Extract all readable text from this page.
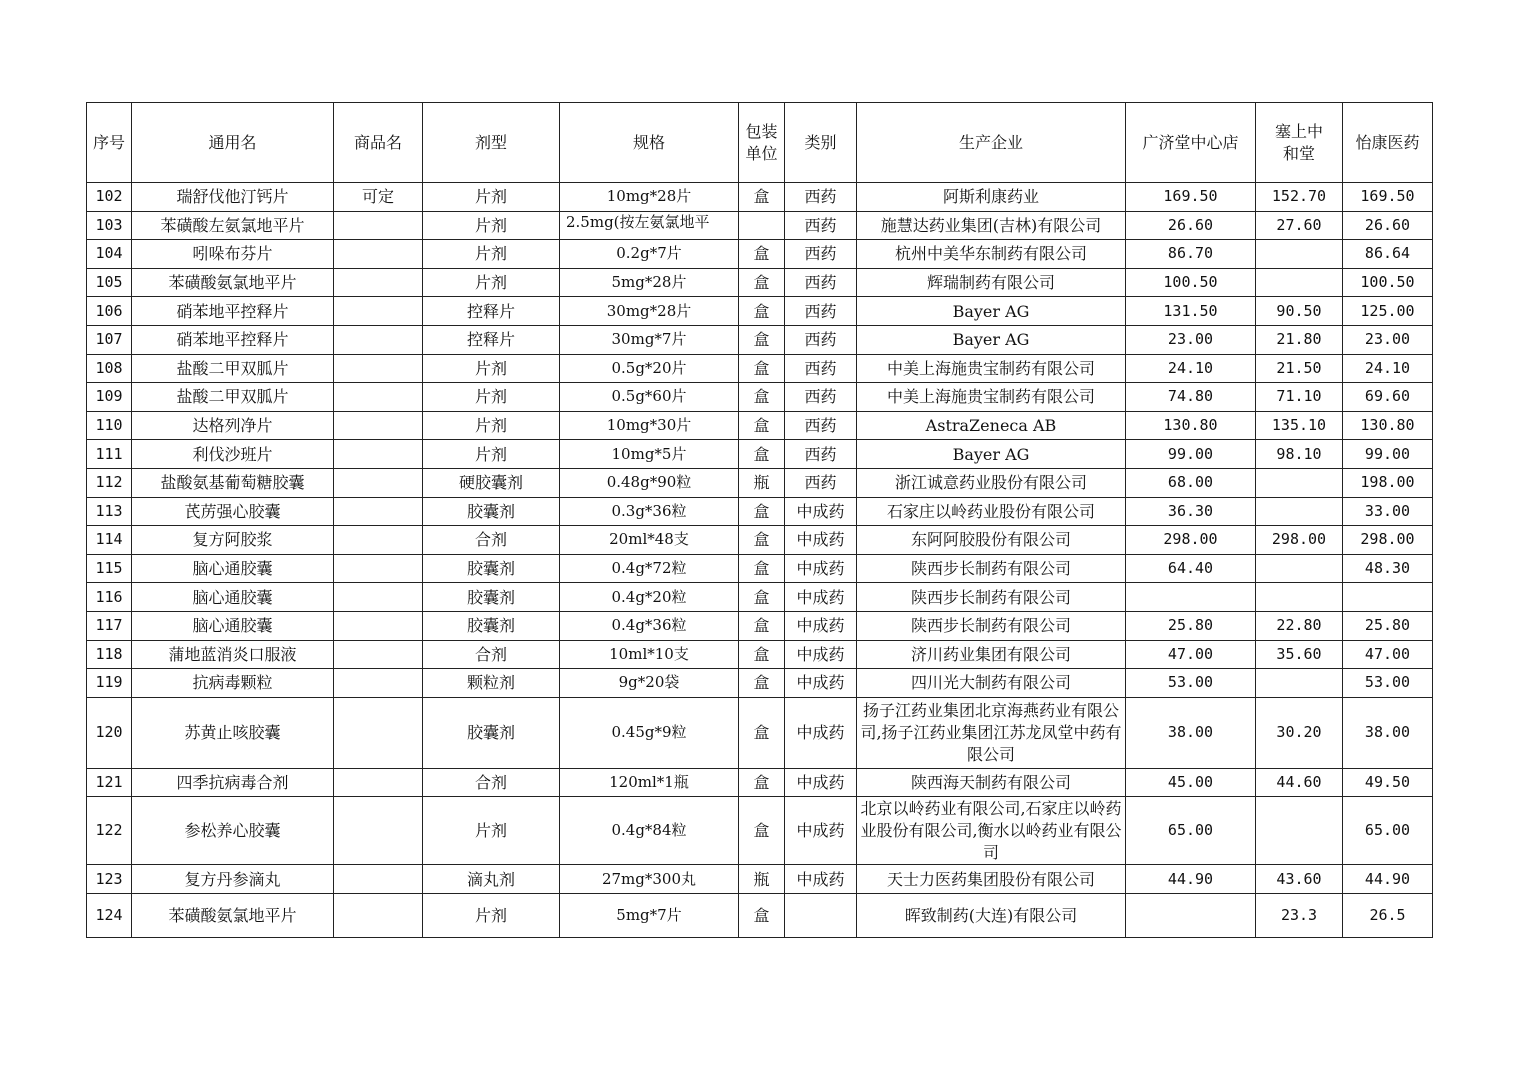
序号	通用名	商品名	剂型	规格	包装单位	类别	生产企业	广济堂中心店	塞上中和堂	怡康医药
102	瑞舒伐他汀钙片	可定	片剂	10mg*28片	盒	西药	阿斯利康药业	169.50	152.70	169.50
103	苯磺酸左氨氯地平片		片剂	2.5mg(按左氨氯地平		西药	施慧达药业集团(吉林)有限公司	26.60	27.60	26.60
104	吲哚布芬片		片剂	0.2g*7片	盒	西药	杭州中美华东制药有限公司	86.70		86.64
105	苯磺酸氨氯地平片		片剂	5mg*28片	盒	西药	辉瑞制药有限公司	100.50		100.50
106	硝苯地平控释片		控释片	30mg*28片	盒	西药	Bayer AG	131.50	90.50	125.00
107	硝苯地平控释片		控释片	30mg*7片	盒	西药	Bayer AG	23.00	21.80	23.00
108	盐酸二甲双胍片		片剂	0.5g*20片	盒	西药	中美上海施贵宝制药有限公司	24.10	21.50	24.10
109	盐酸二甲双胍片		片剂	0.5g*60片	盒	西药	中美上海施贵宝制药有限公司	74.80	71.10	69.60
110	达格列净片		片剂	10mg*30片	盒	西药	AstraZeneca AB	130.80	135.10	130.80
111	利伐沙班片		片剂	10mg*5片	盒	西药	Bayer AG	99.00	98.10	99.00
112	盐酸氨基葡萄糖胶囊		硬胶囊剂	0.48g*90粒	瓶	西药	浙江诚意药业股份有限公司	68.00		198.00
113	芪苈强心胶囊		胶囊剂	0.3g*36粒	盒	中成药	石家庄以岭药业股份有限公司	36.30		33.00
114	复方阿胶浆		合剂	20ml*48支	盒	中成药	东阿阿胶股份有限公司	298.00	298.00	298.00
115	脑心通胶囊		胶囊剂	0.4g*72粒	盒	中成药	陕西步长制药有限公司	64.40		48.30
116	脑心通胶囊		胶囊剂	0.4g*20粒	盒	中成药	陕西步长制药有限公司			
117	脑心通胶囊		胶囊剂	0.4g*36粒	盒	中成药	陕西步长制药有限公司	25.80	22.80	25.80
118	蒲地蓝消炎口服液		合剂	10ml*10支	盒	中成药	济川药业集团有限公司	47.00	35.60	47.00
119	抗病毒颗粒		颗粒剂	9g*20袋	盒	中成药	四川光大制药有限公司	53.00		53.00
120	苏黄止咳胶囊		胶囊剂	0.45g*9粒	盒	中成药	扬子江药业集团北京海燕药业有限公司,扬子江药业集团江苏龙凤堂中药有限公司	38.00	30.20	38.00
121	四季抗病毒合剂		合剂	120ml*1瓶	盒	中成药	陕西海天制药有限公司	45.00	44.60	49.50
122	参松养心胶囊		片剂	0.4g*84粒	盒	中成药	北京以岭药业有限公司,石家庄以岭药业股份有限公司,衡水以岭药业有限公司	65.00		65.00
123	复方丹参滴丸		滴丸剂	27mg*300丸	瓶	中成药	天士力医药集团股份有限公司	44.90	43.60	44.90
124	苯磺酸氨氯地平片		片剂	5mg*7片	盒		晖致制药(大连)有限公司		23.3	26.5
